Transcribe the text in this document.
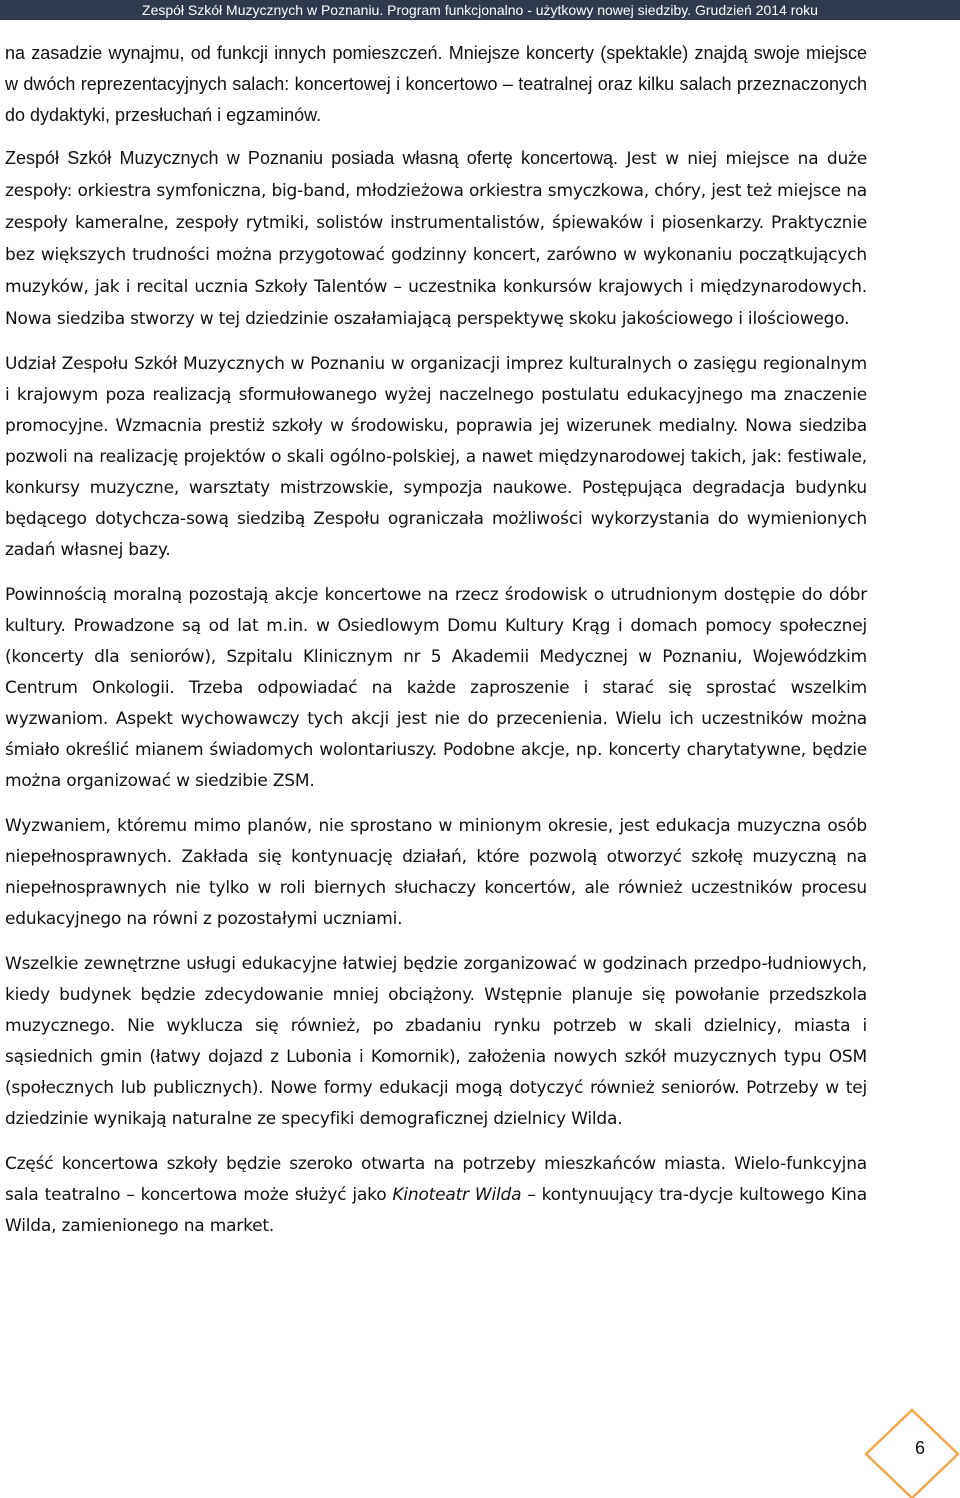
Zespół Szkół Muzycznych w Poznaniu. Program funkcjonalno - użytkowy nowej siedziby. Grudzień 2014 roku

na zasadzie wynajmu, od funkcji innych pomieszczeń. Mniejsze koncerty (spektakle) znajdą swoje miejsce w dwóch reprezentacyjnych salach: koncertowej i koncertowo – teatralnej oraz kilku salach przeznaczonych do dydaktyki, przesłuchań i egzaminów.

Zespół Szkół Muzycznych w Poznaniu posiada własną ofertę koncertową. Jest w niej miejsce na duże zespoły: orkiestra symfoniczna, big-band, młodzieżowa orkiestra smyczkowa, chóry, jest też miejsce na zespoły kameralne, zespoły rytmiki, solistów instrumentalistów, śpiewaków i piosenkarzy. Praktycznie bez większych trudności można przygotować godzinny koncert, zarówno w wykonaniu początkujących muzyków, jak i recital ucznia Szkoły Talentów – uczestnika konkursów krajowych i międzynarodowych. Nowa siedziba stworzy w tej dziedzinie oszałamiającą perspektywę skoku jakościowego i ilościowego.

Udział Zespołu Szkół Muzycznych w Poznaniu w organizacji imprez kulturalnych o zasięgu regionalnym i krajowym poza realizacją sformułowanego wyżej naczelnego postulatu edukacyjnego ma znaczenie promocyjne. Wzmacnia prestiż szkoły w środowisku, poprawia jej wizerunek medialny. Nowa siedziba pozwoli na realizację projektów o skali ogólno-polskiej, a nawet międzynarodowej takich, jak: festiwale, konkursy muzyczne, warsztaty mistrzowskie, sympozja naukowe. Postępująca degradacja budynku będącego dotychcza-sową siedzibą Zespołu ograniczała możliwości wykorzystania do wymienionych zadań własnej bazy.

Powinnością moralną pozostają akcje koncertowe na rzecz środowisk o utrudnionym dostępie do dóbr kultury. Prowadzone są od lat m.in. w Osiedlowym Domu Kultury Krąg i domach pomocy społecznej (koncerty dla seniorów), Szpitalu Klinicznym nr 5 Akademii Medycznej w Poznaniu, Wojewódzkim Centrum Onkologii. Trzeba odpowiadać na każde zaproszenie i starać się sprostać wszelkim wyzwaniom. Aspekt wychowawczy tych akcji jest nie do przecenienia. Wielu ich uczestników można śmiało określić mianem świadomych wolontariuszy. Podobne akcje, np. koncerty charytatywne, będzie można organizować w siedzibie ZSM.

Wyzwaniem, któremu mimo planów, nie sprostano w minionym okresie, jest edukacja muzyczna osób niepełnosprawnych. Zakłada się kontynuację działań, które pozwolą otworzyć szkołę muzyczną na niepełnosprawnych nie tylko w roli biernych słuchaczy koncertów, ale również uczestników procesu edukacyjnego na równi z pozostałymi uczniami.

Wszelkie zewnętrzne usługi edukacyjne łatwiej będzie zorganizować w godzinach przedpo-łudniowych, kiedy budynek będzie zdecydowanie mniej obciążony. Wstępnie planuje się powołanie przedszkola muzycznego. Nie wyklucza się również, po zbadaniu rynku potrzeb w skali dzielnicy, miasta i sąsiednich gmin (łatwy dojazd z Lubonia i Komornik), założenia nowych szkół muzycznych typu OSM (społecznych lub publicznych). Nowe formy edukacji mogą dotyczyć również seniorów. Potrzeby w tej dziedzinie wynikają naturalne ze specyfiki demograficznej dzielnicy Wilda.

Część koncertowa szkoły będzie szeroko otwarta na potrzeby mieszkańców miasta. Wielo-funkcyjna sala teatralno – koncertowa może służyć jako Kinoteatr Wilda – kontynuujący tra-dycje kultowego Kina Wilda, zamienionego na market.

6
